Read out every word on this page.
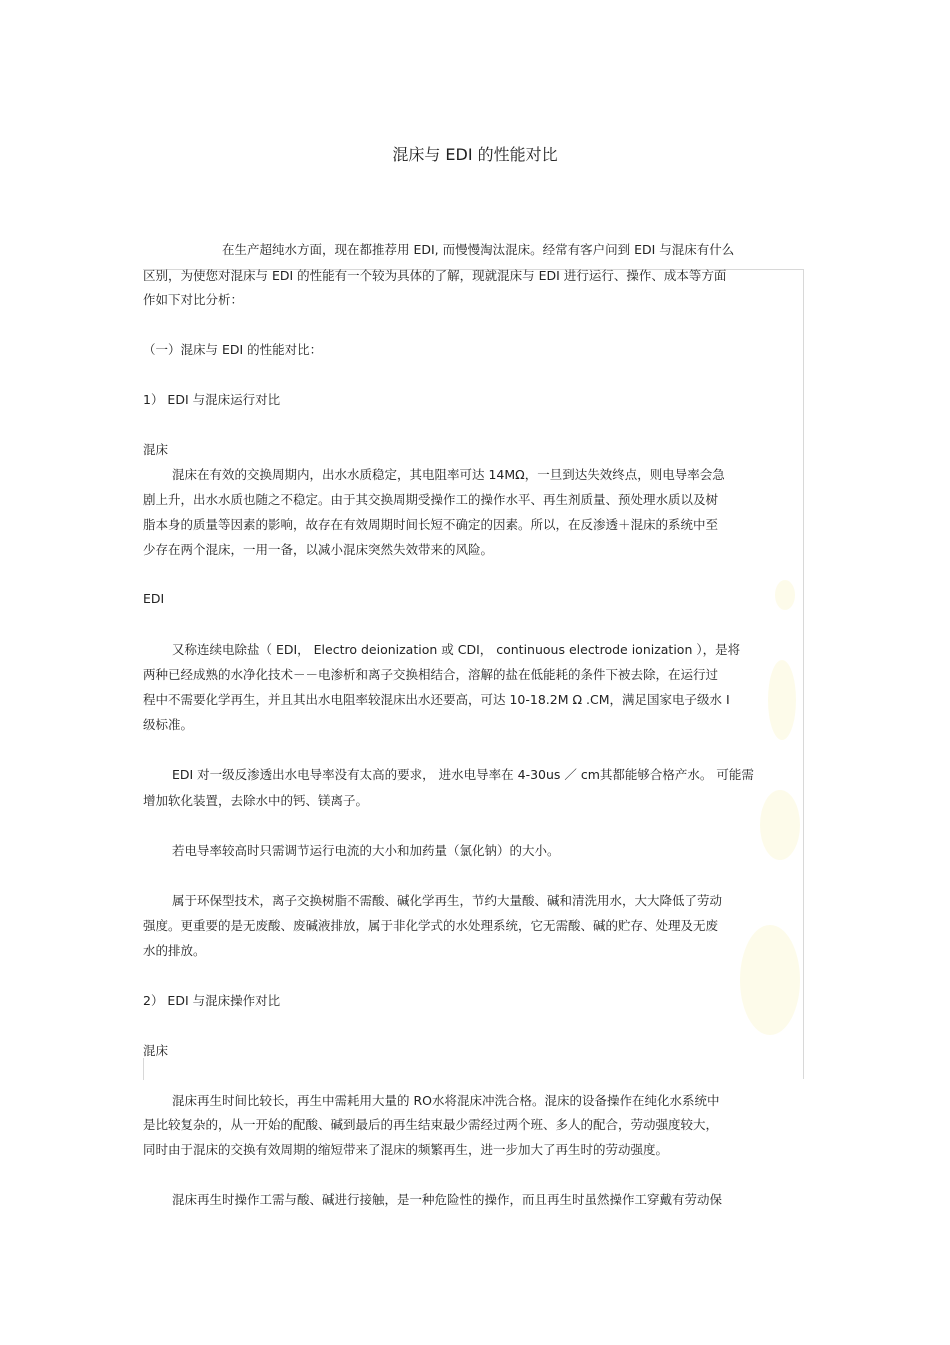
混床与 EDI 的性能对比
在生产超纯水方面，现在都推荐用 EDI, 而慢慢淘汰混床。经常有客户问到 EDI 与混床有什么
区别，为使您对混床与 EDI 的性能有一个较为具体的了解，现就混床与 EDI 进行运行、操作、成本等方面
作如下对比分析：
（一）混床与 EDI 的性能对比：
1） EDI 与混床运行对比
混床
混床在有效的交换周期内，出水水质稳定，其电阻率可达 14MΩ，一旦到达失效终点，则电导率会急
剧上升，出水水质也随之不稳定。由于其交换周期受操作工的操作水平、再生剂质量、预处理水质以及树
脂本身的质量等因素的影响，故存在有效周期时间长短不确定的因素。所以，在反渗透＋混床的系统中至
少存在两个混床，一用一备，以减小混床突然失效带来的风险。
EDI
又称连续电除盐（ EDI， Electro deionization 或 CDI， continuous electrode ionization ），是将
两种已经成熟的水净化技术－－电渗析和离子交换相结合，溶解的盐在低能耗的条件下被去除，在运行过
程中不需要化学再生，并且其出水电阻率较混床出水还要高，可达 10-18.2M Ω .CM，满足国家电子级水 I
级标准。
EDI 对一级反渗透出水电导率没有太高的要求， 进水电导率在 4-30us ／ cm其都能够合格产水。 可能需
增加软化装置，去除水中的钙、镁离子。
若电导率较高时只需调节运行电流的大小和加药量（氯化钠）的大小。
属于环保型技术，离子交换树脂不需酸、碱化学再生，节约大量酸、碱和清洗用水，大大降低了劳动
强度。更重要的是无废酸、废碱液排放，属于非化学式的水处理系统，它无需酸、碱的贮存、处理及无废
水的排放。
2） EDI 与混床操作对比
混床
混床再生时间比较长，再生中需耗用大量的 RO水将混床冲洗合格。混床的设备操作在纯化水系统中
是比较复杂的，从一开始的配酸、碱到最后的再生结束最少需经过两个班、多人的配合，劳动强度较大，
同时由于混床的交换有效周期的缩短带来了混床的频繁再生，进一步加大了再生时的劳动强度。
混床再生时操作工需与酸、碱进行接触，是一种危险性的操作，而且再生时虽然操作工穿戴有劳动保
